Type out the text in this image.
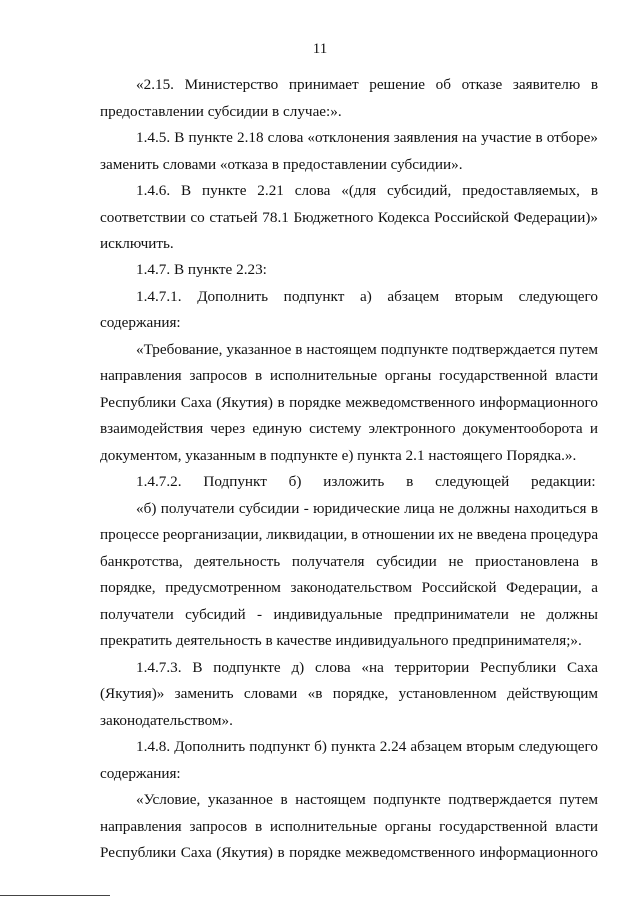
11
«2.15. Министерство принимает решение об отказе заявителю в
предоставлении субсидии в случае:».
1.4.5. В пункте 2.18 слова «отклонения заявления на участие в отборе»
заменить словами «отказа в предоставлении субсидии».
1.4.6. В пункте 2.21 слова «(для субсидий, предоставляемых, в
соответствии со статьей 78.1 Бюджетного Кодекса Российской Федерации)»
исключить.
1.4.7. В пункте 2.23:
1.4.7.1. Дополнить подпункт а) абзацем вторым следующего
содержания:
«Требование, указанное в настоящем подпункте подтверждается путем
направления запросов в исполнительные органы государственной власти
Республики Саха (Якутия) в порядке межведомственного информационного
взаимодействия через единую систему электронного документооборота и
документом, указанным в подпункте е) пункта 2.1 настоящего Порядка.».
1.4.7.2. Подпункт б) изложить в следующей редакции:
«б) получатели субсидии - юридические лица не должны находиться в
процессе реорганизации, ликвидации, в отношении их не введена процедура
банкротства, деятельность получателя субсидии не приостановлена в
порядке, предусмотренном законодательством Российской Федерации, а
получатели субсидий - индивидуальные предприниматели не должны
прекратить деятельность в качестве индивидуального предпринимателя;».
1.4.7.3. В подпункте д) слова «на территории Республики Саха
(Якутия)» заменить словами «в порядке, установленном действующим
законодательством».
1.4.8. Дополнить подпункт б) пункта 2.24 абзацем вторым следующего
содержания:
«Условие, указанное в настоящем подпункте подтверждается путем
направления запросов в исполнительные органы государственной власти
Республики Саха (Якутия) в порядке межведомственного информационного
